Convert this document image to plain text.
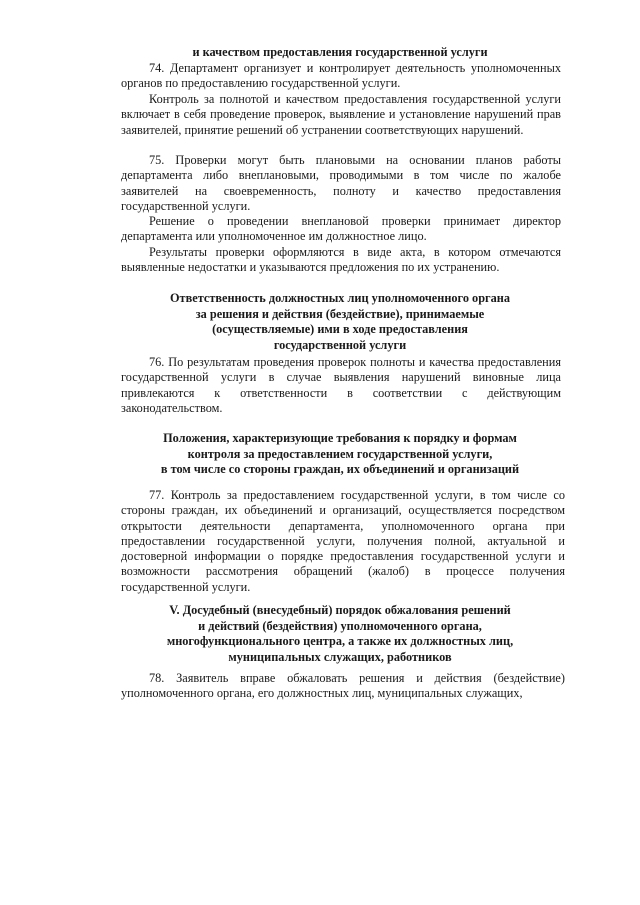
и качеством предоставления государственной услуги
74. Департамент организует и контролирует деятельность уполномоченных органов по предоставлению государственной услуги.
Контроль за полнотой и качеством предоставления государственной услуги включает в себя проведение проверок, выявление и установление нарушений прав заявителей, принятие решений об устранении соответствующих нарушений.
75. Проверки могут быть плановыми на основании планов работы департамента либо внеплановыми, проводимыми в том числе по жалобе заявителей на своевременность, полноту и качество предоставления государственной услуги.
Решение о проведении внеплановой проверки принимает директор департамента или уполномоченное им должностное лицо.
Результаты проверки оформляются в виде акта, в котором отмечаются выявленные недостатки и указываются предложения по их устранению.
Ответственность должностных лиц уполномоченного органа
за решения и действия (бездействие), принимаемые
(осуществляемые) ими в ходе предоставления
государственной услуги
76. По результатам проведения проверок полноты и качества предоставления государственной услуги в случае выявления нарушений виновные лица привлекаются к ответственности в соответствии с действующим законодательством.
Положения, характеризующие требования к порядку и формам
контроля за предоставлением государственной услуги,
в том числе со стороны граждан, их объединений и организаций
77. Контроль за предоставлением государственной услуги, в том числе со стороны граждан, их объединений и организаций, осуществляется посредством открытости деятельности департамента, уполномоченного органа при предоставлении государственной услуги, получения полной, актуальной и достоверной информации о порядке предоставления государственной услуги и возможности рассмотрения обращений (жалоб) в процессе получения государственной услуги.
V. Досудебный (внесудебный) порядок обжалования решений
и действий (бездействия) уполномоченного органа,
многофункционального центра, а также их должностных лиц,
муниципальных служащих, работников
78. Заявитель вправе обжаловать решения и действия (бездействие) уполномоченного органа, его должностных лиц, муниципальных служащих,
